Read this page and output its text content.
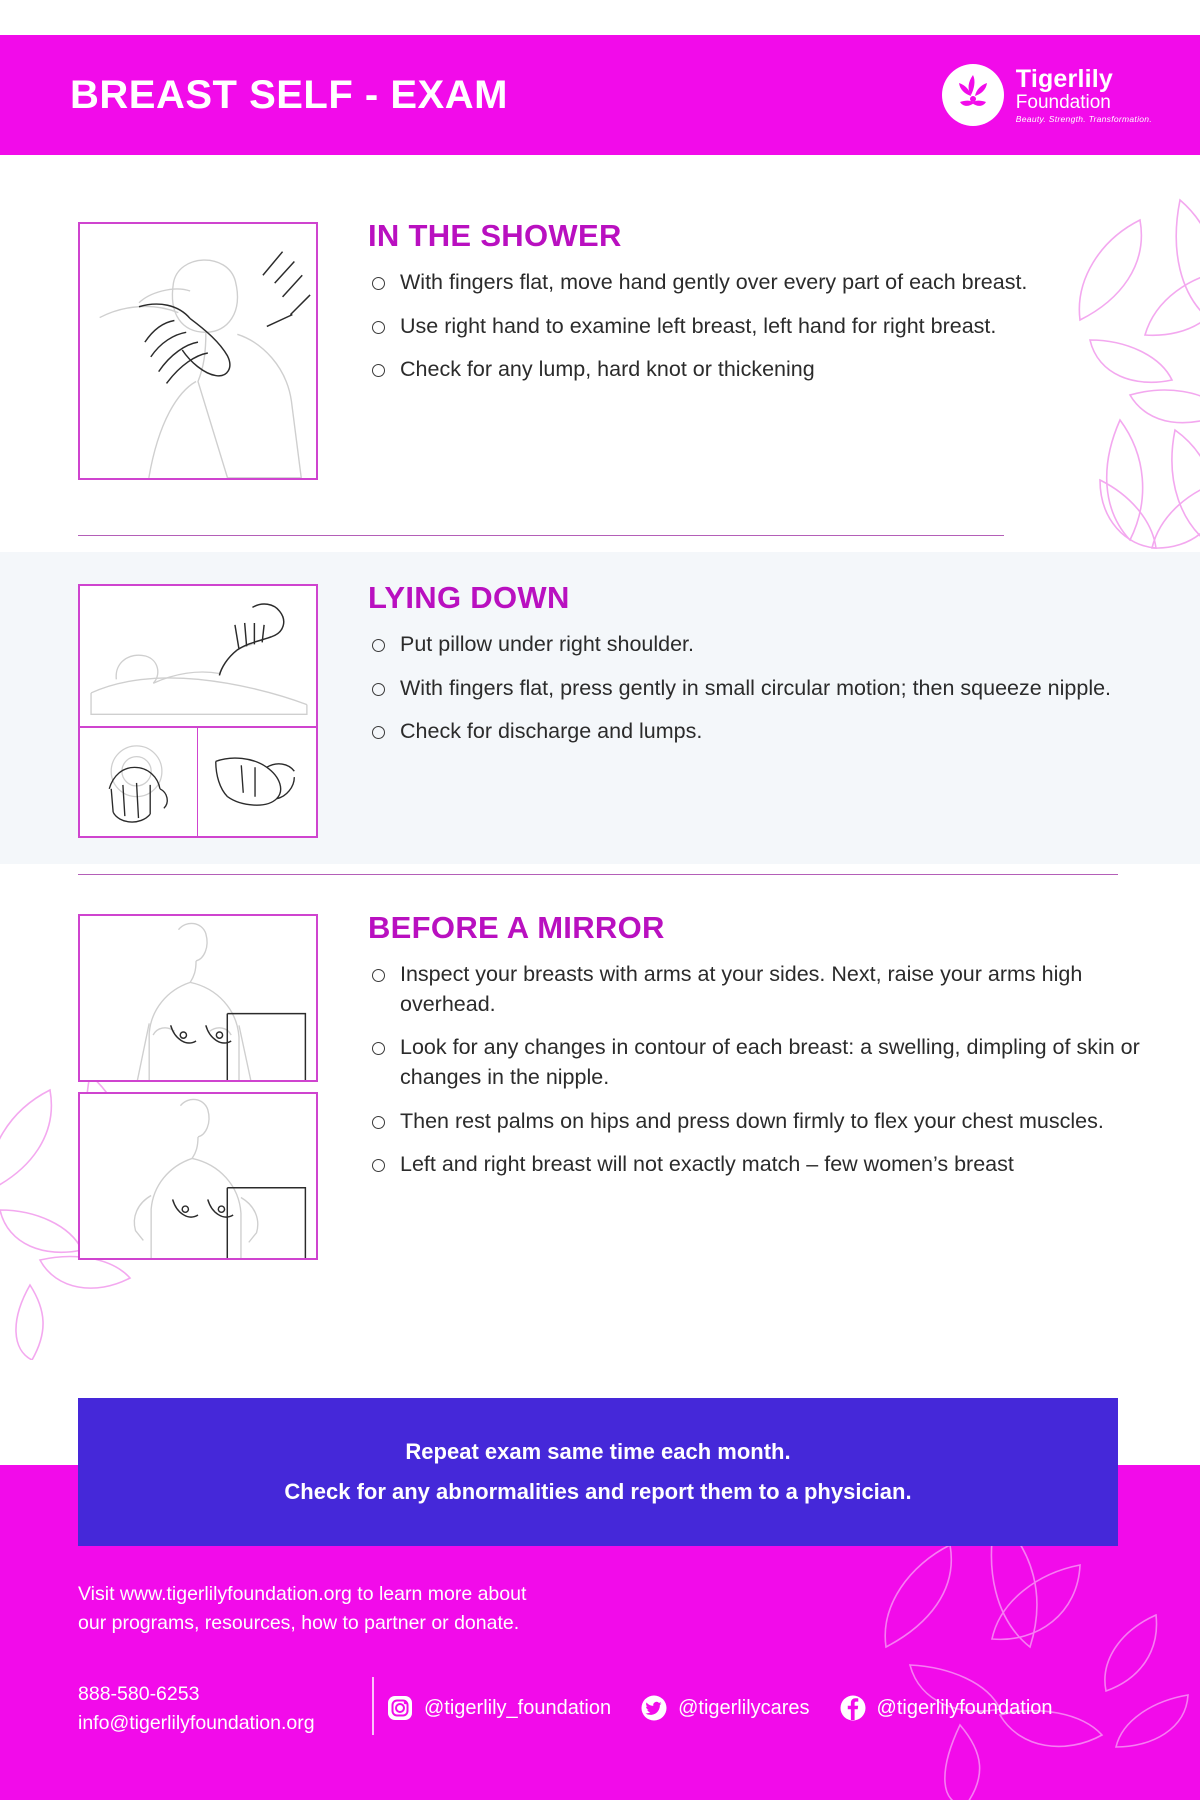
BREAST SELF - EXAM	Tigerlily
Foundation
Beauty. Strength. Transformation.
IN THE SHOWER
With fingers flat, move hand gently over every part of each breast.
Use right hand to examine left breast, left hand for right breast.
Check for any lump, hard knot or thickening
LYING DOWN
Put pillow under right shoulder.
With fingers flat, press gently in small circular motion; then squeeze nipple.
Check for discharge and lumps.
BEFORE A MIRROR
Inspect your breasts with arms at your sides. Next, raise your arms high overhead.
Look for any changes in contour of each breast: a swelling, dimpling of skin or changes in the nipple.
Then rest palms on hips and press down firmly to flex your chest muscles.
Left and right breast will not exactly match – few women’s breast
Visit www.tigerlilyfoundation.org to learn more about
our programs, resources, how to partner or donate.
888-580-6253
info@tigerlilyfoundation.org
@tigerlily_foundation	@tigerlilycares	@tigerlilyfoundation

Repeat exam same time each month.

Check for any abnormalities and report them to a physician.
